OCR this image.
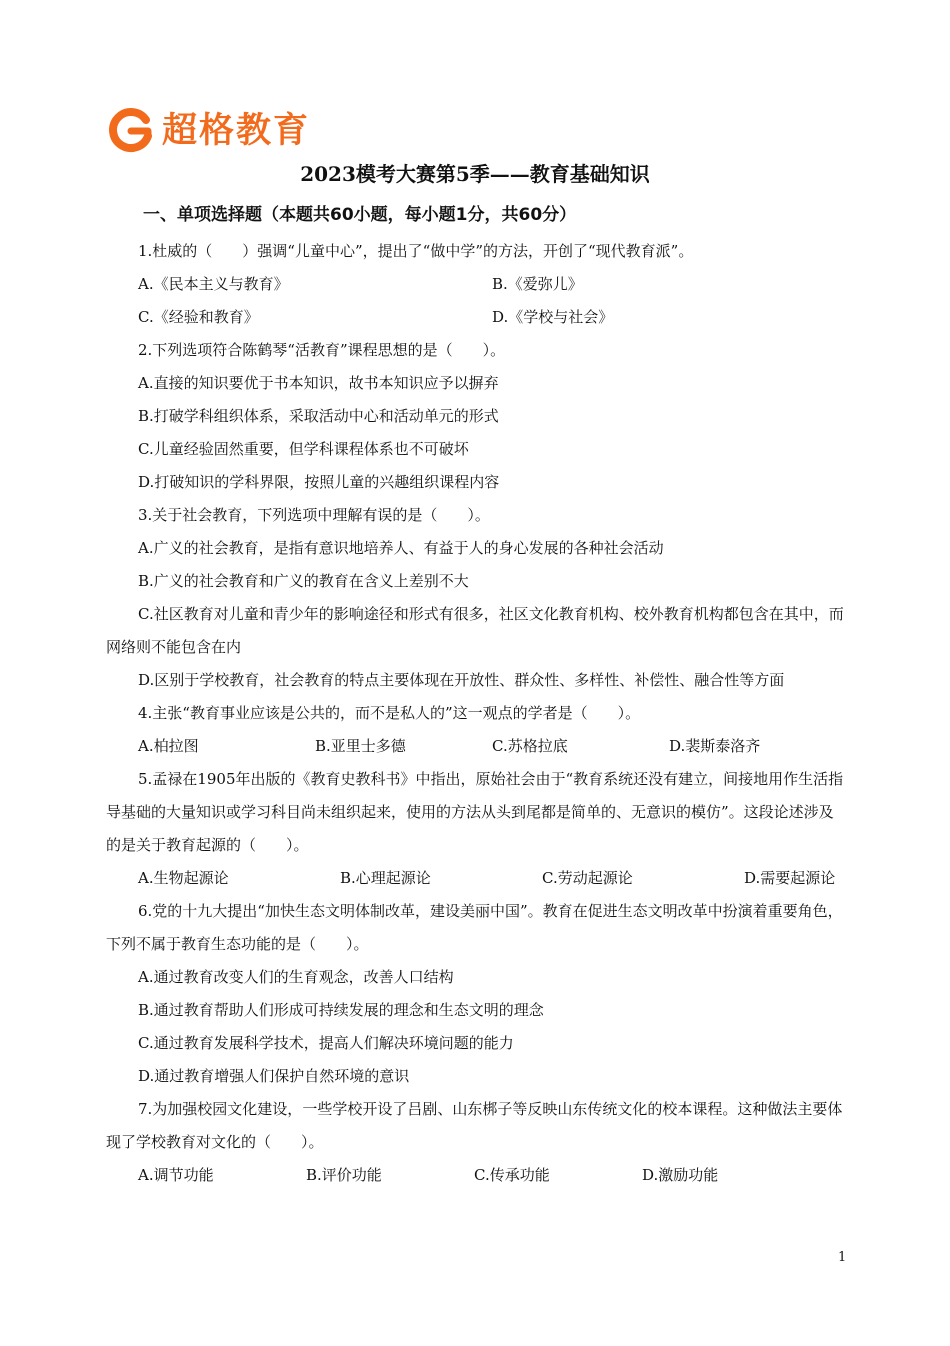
超格教育
2023模考大赛第5季——教育基础知识
一、单项选择题（本题共60小题，每小题1分，共60分）
1.杜威的（　　）强调“儿童中心”，提出了“做中学”的方法，开创了“现代教育派”。
A.《民本主义与教育》	B.《爱弥儿》
C.《经验和教育》	D.《学校与社会》
2.下列选项符合陈鹤琴“活教育”课程思想的是（　　）。
A.直接的知识要优于书本知识，故书本知识应予以摒弃
B.打破学科组织体系，采取活动中心和活动单元的形式
C.儿童经验固然重要，但学科课程体系也不可破坏
D.打破知识的学科界限，按照儿童的兴趣组织课程内容
3.关于社会教育，下列选项中理解有误的是（　　）。
A.广义的社会教育，是指有意识地培养人、有益于人的身心发展的各种社会活动
B.广义的社会教育和广义的教育在含义上差别不大
C.社区教育对儿童和青少年的影响途径和形式有很多，社区文化教育机构、校外教育机构都包含在其中，而网络则不能包含在内
D.区别于学校教育，社会教育的特点主要体现在开放性、群众性、多样性、补偿性、融合性等方面
4.主张“教育事业应该是公共的，而不是私人的”这一观点的学者是（　　）。
A.柏拉图	B.亚里士多德	C.苏格拉底	D.裴斯泰洛齐
5.孟禄在1905年出版的《教育史教科书》中指出，原始社会由于“教育系统还没有建立，间接地用作生活指导基础的大量知识或学习科目尚未组织起来，使用的方法从头到尾都是简单的、无意识的模仿”。这段论述涉及的是关于教育起源的（　　）。
A.生物起源论	B.心理起源论	C.劳动起源论	D.需要起源论
6.党的十九大提出“加快生态文明体制改革，建设美丽中国”。教育在促进生态文明改革中扮演着重要角色，下列不属于教育生态功能的是（　　）。
A.通过教育改变人们的生育观念，改善人口结构
B.通过教育帮助人们形成可持续发展的理念和生态文明的理念
C.通过教育发展科学技术，提高人们解决环境问题的能力
D.通过教育增强人们保护自然环境的意识
7.为加强校园文化建设，一些学校开设了吕剧、山东梆子等反映山东传统文化的校本课程。这种做法主要体现了学校教育对文化的（　　）。
A.调节功能	B.评价功能	C.传承功能	D.激励功能
1
